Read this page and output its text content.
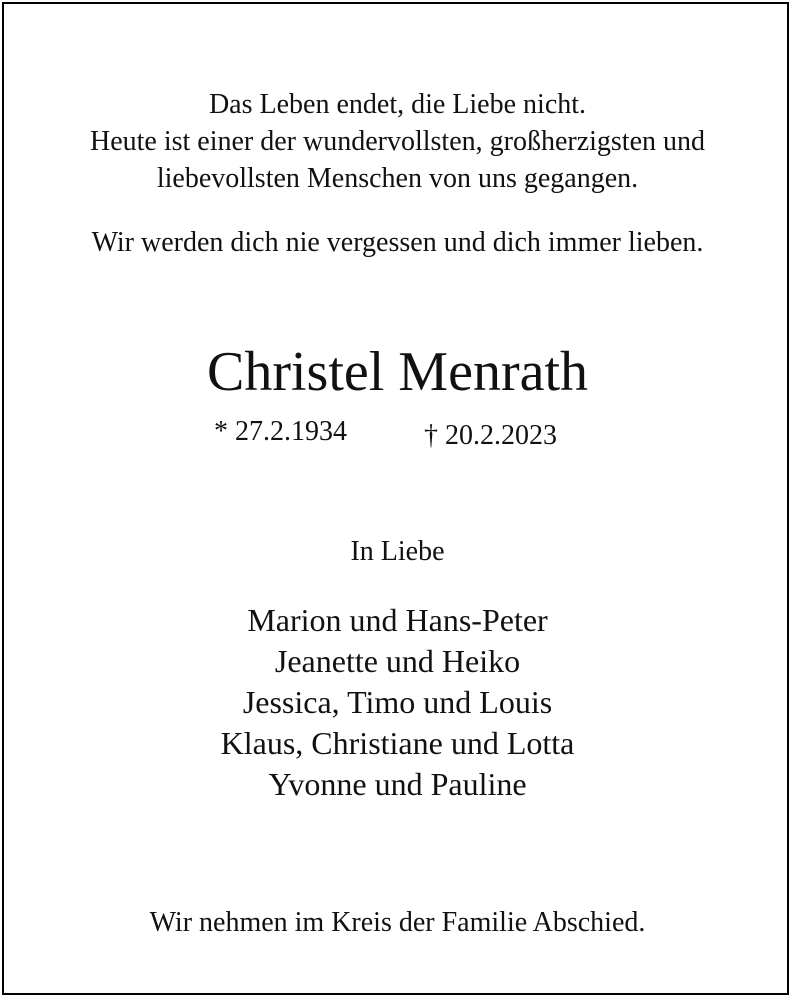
Das Leben endet, die Liebe nicht.
Heute ist einer der wundervollsten, großherzigsten und
liebevollsten Menschen von uns gegangen.
Wir werden dich nie vergessen und dich immer lieben.
Christel Menrath
* 27.2.1934	† 20.2.2023
In Liebe
Marion und Hans-Peter
Jeanette und Heiko
Jessica, Timo und Louis
Klaus, Christiane und Lotta
Yvonne und Pauline
Wir nehmen im Kreis der Familie Abschied.
